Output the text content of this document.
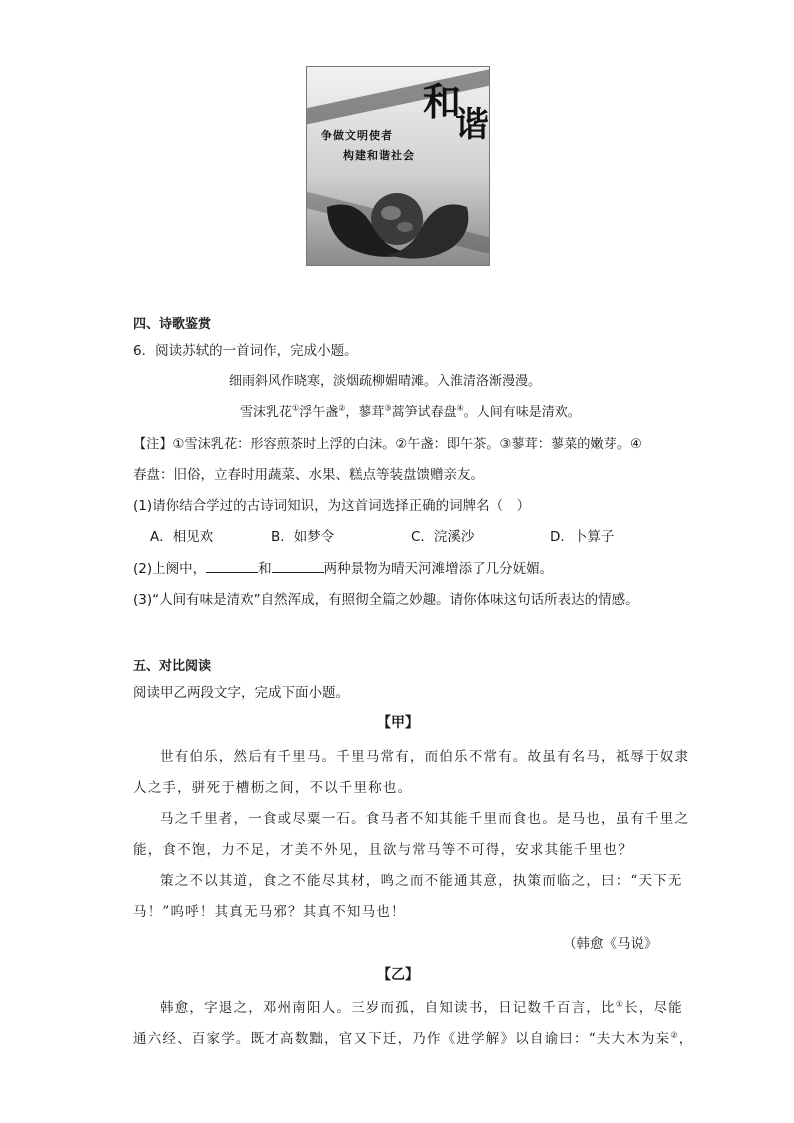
和
谐
争做文明使者
构建和谐社会
四、诗歌鉴赏
6．阅读苏轼的一首词作，完成小题。
细雨斜风作晓寒，淡烟疏柳媚晴滩。入淮清洛渐漫漫。
雪沫乳花①浮午盏②，蓼茸③蒿笋试春盘④。人间有味是清欢。
【注】①雪沫乳花：形容煎茶时上浮的白沫。②午盏：即午茶。③蓼茸：蓼菜的嫩芽。④
春盘：旧俗，立春时用蔬菜、水果、糕点等装盘馈赠亲友。
(1)请你结合学过的古诗词知识，为这首词选择正确的词牌名（　）
A．相见欢	B．如梦令	C．浣溪沙	D．卜算子
(2)上阕中，	和	两种景物为晴天河滩增添了几分妩媚。
(3)“人间有味是清欢”自然浑成，有照彻全篇之妙趣。请你体味这句话所表达的情感。
五、对比阅读
阅读甲乙两段文字，完成下面小题。
【甲】
世有伯乐，然后有千里马。千里马常有，而伯乐不常有。故虽有名马，祗辱于奴隶
人之手，骈死于槽枥之间，不以千里称也。
马之千里者，一食或尽粟一石。食马者不知其能千里而食也。是马也，虽有千里之
能，食不饱，力不足，才美不外见，且欲与常马等不可得，安求其能千里也？
策之不以其道，食之不能尽其材，鸣之而不能通其意，执策而临之，曰：“天下无
马！”呜呼！其真无马邪？其真不知马也！
（韩愈《马说》
【乙】
韩愈，字退之，邓州南阳人。三岁而孤，自知读书，日记数千百言，比①长，尽能
通六经、百家学。既才高数黜，官又下迁，乃作《进学解》以自谕曰：“夫大木为杗②，
